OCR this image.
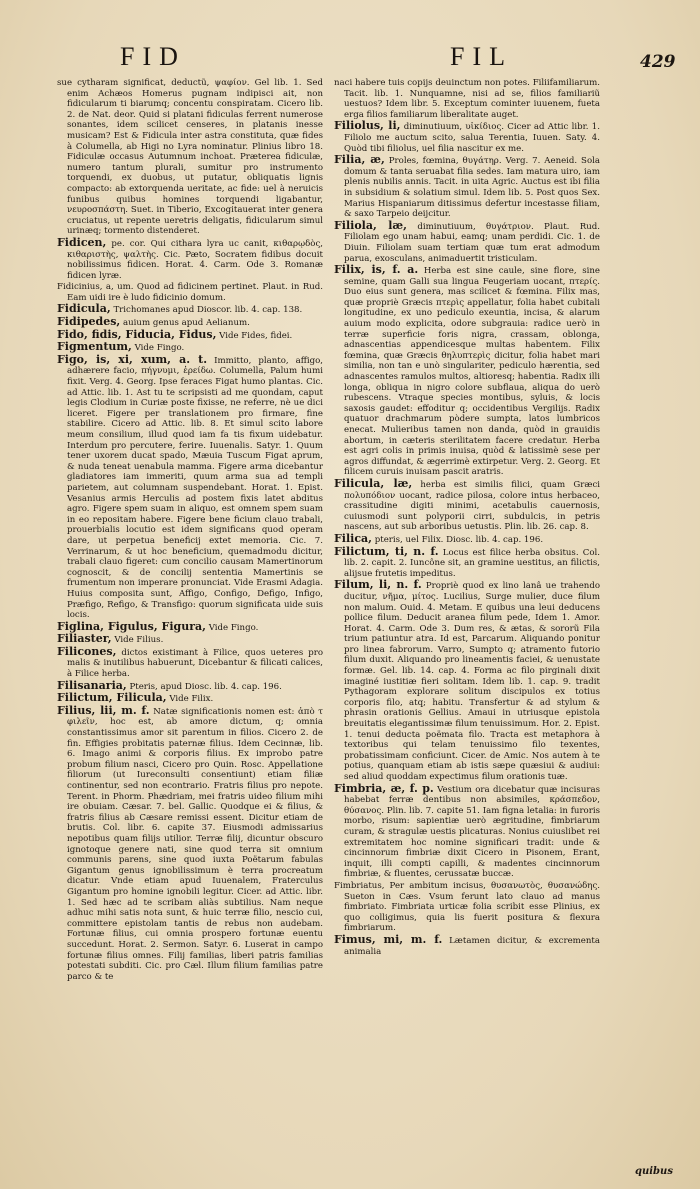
FID	FIL	429

sue cytharam significat, deductũ, ψαφίον. Gel lib. 1. Sed enim Achæos Homerus pugnam indipisci ait, non fidicularum ti biarumq; concentu conspiratam. Cicero lib. 2. de Nat. deor. Quid si platani fidiculas ferrent numerose sonantes, idem scilicet censeres, in platanis inesse musicam? Est & Fidicula inter astra constituta, quæ fides à Columella, ab Higi no Lyra nominatur. Plinius libro 18. Fidiculæ occasus Autumnum inchoat. Præterea fidiculæ, numero tantum plurali, sumitur pro instrumento torquendi, ex duobus, ut putatur, obliquatis lignis compacto: ab extorquenda ueritate, ac fide: uel à neruicis funibus quibus homines torquendi ligabantur, νευροσπάστη. Suet. in Tiberio, Excogitauerat inter genera cruciatus, ut repente ueretris deligatis, fidicularum simul urinæq; tormento distenderet.

Fidicen, pe. cor. Qui cithara lyra uc canit, κιθαρῳδὸς, κιθαριστὴς, ψαλτὴς. Cic. Pæto, Socratem fidibus docuit nobilissimus fidicen. Horat. 4. Carm. Ode 3. Romanæ fidicen lyræ.

Fidicinius, a, um. Quod ad fidicinem pertinet. Plaut. in Rud. Eam uidi ire è ludo fidicinio domum.

Fidicula, Trichomanes apud Dioscor. lib. 4. cap. 138.

Fidipedes, auium genus apud Aelianum.

Fido, fidis, Fiducia, Fidus, Vide Fides, fidei.

Figmentum, Vide Fingo.

Figo, is, xi, xum, a. t. Immitto, planto, affigo, adhærere facio, πήγνυμι, ἐρείδω. Columella, Palum humi fixit. Verg. 4. Georg. Ipse feraces Figat humo plantas. Cic. ad Attic. lib. 1. Ast tu te scripsisti ad me quondam, caput legis Clodium in Curiæ poste fixisse, ne referre, nè ue dici liceret. Figere per translationem pro firmare, fine stabilire. Cicero ad Attic. lib. 8. Et simul scito labore meum consilium, illud quod iam fa tis fixum uidebatur. Interdum pro percutere, ferire. Iuuenalis. Satyr. 1. Quum tener uxorem ducat spado, Mæuia Tuscum Figat aprum, & nuda teneat uenabula mamma. Figere arma dicebantur gladiatores iam immeriti, quum arma sua ad templi parietem, aut columnam suspendebant. Horat. 1. Epist. Vesanius armis Herculis ad postem fixis latet abditus agro. Figere spem suam in aliquo, est omnem spem suam in eo repositam habere. Figere bene ficium clauo trabali, prouerbialis locutio est idem significans quod operam dare, ut perpetua beneficij extet memoria. Cic. 7. Verrinarum, & ut hoc beneficium, quemadmodu dicitur, trabali clauo figeret: cum concilio causam Mamertinorum cognoscit, & de concilij sententia Mamertinis se frumentum non imperare pronunciat. Vide Erasmi Adagia. Huius composita sunt, Affigo, Configo, Defigo, Infigo, Præfigo, Refigo, & Transfigo: quorum significata uide suis locis.

Figlina, Figulus, Figura, Vide Fingo.

Filiaster, Vide Filius.

Filicones, dictos existimant à Filice, quos ueteres pro malis & inutilibus habuerunt, Dicebantur & filicati calices, à Filice herba.

Filisanaria, Pteris, apud Diosc. lib. 4. cap. 196.

Filictum, Filicula, Vide Filix.

Filius, lii, m. f. Natæ significationis nomen est: ἀπὸ τ φιλεῖν, hoc est, ab amore dictum, q; omnia constantissimus amor sit parentum in filios. Cicero 2. de fin. Effigies probitatis paternæ filius. Idem Cecinnæ, lib. 6. Imago animi & corporis filius. Ex improbo patre probum filium nasci, Cicero pro Quin. Rosc. Appellatione filiorum (ut Iureconsulti consentiunt) etiam filiæ continentur, sed non econtrario. Fratris filius pro nepote. Terent. in Phorm. Phædriam, mei fratris uideo filium mihi ire obuiam. Cæsar. 7. bel. Gallic. Quodque ei & filius, & fratris filius ab Cæsare remissi essent. Dicitur etiam de brutis. Col. libr. 6. capite 37. Eiusmodi admissarius nepotibus quam filijs utilior. Terræ filij, dicuntur obscuro ignotoque genere nati, sine quod terra sit omnium communis parens, sine quod iuxta Poëtarum fabulas Gigantum genus ignobilissimum è terra procreatum dicatur. Vnde etiam apud Iuuenalem, Fraterculus Gigantum pro homine ignobili legitur. Cicer. ad Attic. libr. 1. Sed hæc ad te scribam aliàs subtilius. Nam neque adhuc mihi satis nota sunt, & huic terræ filio, nescio cui, committere epistolam tantis de rebus non audebam. Fortunæ filius, cui omnia prospero fortunæ euentu succedunt. Horat. 2. Sermon. Satyr. 6. Luserat in campo fortunæ filius omnes. Filij familias, liberi patris familias potestati subditi. Cic. pro Cæl. Illum filium familias patre parco & te

naci habere tuis copijs deuinctum non potes. Filiifamiliarum. Tacit. lib. 1. Nunquamne, nisi ad se, filios familiariũ uestuos? Idem libr. 5. Exceptum cominter iuuenem, fueta erga filios familiarum liberalitate auget.

Filiolus, li, diminutiuum, υἱκίδιος. Cicer ad Attic libr. 1. Filiolo me auctum scito, salua Terentia, Iuuen. Saty. 4. Quòd tibi filiolus, uel filia nascitur ex me.

Filia, æ, Proles, fœmina, θυγάτηρ. Verg. 7. Aeneid. Sola domum & tanta seruabat filia sedes. Iam matura uiro, iam plenis nubilis annis. Tacit. in uita Agric. Auctus est ibi filia in subsidium & solatium simul. Idem lib. 5. Post quos Sex. Marius Hispaniarum ditissimus defertur incestasse filiam, & saxo Tarpeio deijcitur.

Filiola, læ, diminutiuum, θυγάτριον. Plaut. Rud. Filiolam ego unam habui, eamq; unam perdidi. Cic. 1. de Diuin. Filiolam suam tertiam quæ tum erat admodum parua, exosculans, animaduertit tristiculam.

Filix, is, f. a. Herba est sine caule, sine flore, sine semine, quam Galli sua lingua Feugeriam uocant, πτερίς. Duo eius sunt genera, mas scilicet & fœmina. Filix mas, quæ propriè Græcis πτερὶς appellatur, folia habet cubitali longitudine, ex uno pediculo exeuntia, incisa, & alarum auium modo explicita, odore subgrauia: radice uerò in terræ superficie foris nigra, crassam, oblonga, adnascentias appendicesque multas habentem. Filix fœmina, quæ Græcis θηλυπτερὶς dicitur, folia habet mari similia, non tan e unò singulariter, pediculo hærentia, sed adnascentes ramulos multos, altioresq; habentia. Radix illi longa, obliqua in nigro colore subflaua, aliqua do uerò rubescens. Vtraque species montibus, syluis, & locis saxosis gaudet: effoditur q; occidentibus Vergilijs. Radix quatuor drachmarum pòdere sumpta, latos lumbricos enecat. Mulieribus tamen non danda, quòd in grauidis abortum, in cæteris sterilitatem facere credatur. Herba est agri colis in primis inuisa, quòd & latissimè sese per agros diffundat, & ægerrimè extirpetur. Verg. 2. Georg. Et filicem curuis inuisam pascit aratris.

Filicula, læ, herba est similis filici, quam Græci πολυπόδιον uocant, radice pilosa, colore intus herbaceo, crassitudine digiti minimi, acetabulis cauernosis, cuiusmodi sunt polyporii cirri, subdulcis, in petris nascens, aut sub arboribus uetustis. Plin. lib. 26. cap. 8.

Filica, pteris, uel Filix. Diosc. lib. 4. cap. 196.

Filictum, ti, n. f. Locus est filice herba obsitus. Col. lib. 2. capit. 2. Iuncône sit, an gramine uestitus, an filictis, alijsue frutetis impeditus.

Filum, li, n. f. Propriè quod ex lino lanâ ue trahendo ducitur, νῆμα, μίτος. Lucilius, Surge mulier, duce filum non malum. Ouid. 4. Metam. E quibus una leui deducens pollice filum. Deducit aranea filum pede, Idem 1. Amor. Horat. 4. Carm. Ode 3. Dum res, & ætas, & sororũ Fila trium patiuntur atra. Id est, Parcarum. Aliquando ponitur pro linea fabrorum. Varro, Sumpto q; atramento futorio filum duxit. Aliquando pro lineamentis faciei, & uenustate formæ. Gel. lib. 14. cap. 4. Forma ac filo pirginali dixit imaginé iustitiæ fieri solitam. Idem lib. 1. cap. 9. tradit Pythagoram explorare solitum discipulos ex totius corporis filo, atq; habitu. Transfertur & ad stylum & phrasin orationis Gellius. Amaui in utriusque epistola breuitatis elegantissimæ filum tenuissimum. Hor. 2. Epist. 1. tenui deducta poëmata filo. Tracta est metaphora à textoribus qui telam tenuissimo filo texentes, probatissimam conficiunt. Cicer. de Amic. Nos autem à te potius, quanquam etiam ab istis sæpe quæsiui & audiui: sed aliud quoddam expectimus filum orationis tuæ.

Fimbria, æ, f. p. Vestium ora dicebatur quæ incisuras habebat ferræ dentibus non absimiles, κράσπεδον, θύσανος. Plin. lib. 7. capite 51. Iam figna letalia: in furoris morbo, risum: sapientiæ uerò ægritudine, fimbriarum curam, & stragulæ uestis plicaturas. Nonius cuiuslibet rei extremitatem hoc nomine significari tradit: unde & cincinnorum fimbriæ dixit Cicero in Pisonem, Erant, inquit, illi compti capilli, & madentes cincinnorum fimbriæ, & fluentes, cerussatæ buccæ.

Fimbriatus, Per ambitum incisus, θυσανωτὸς, θυσανώδης. Sueton in Cæs. Vsum ferunt lato clauo ad manus fimbriato. Fimbriata urticæ folia scribit esse Plinius, ex quo colligimus, quia lis fuerit positura & flexura fimbriarum.

Fimus, mi, m. f. Lætamen dicitur, & excrementa animalia

quibus
